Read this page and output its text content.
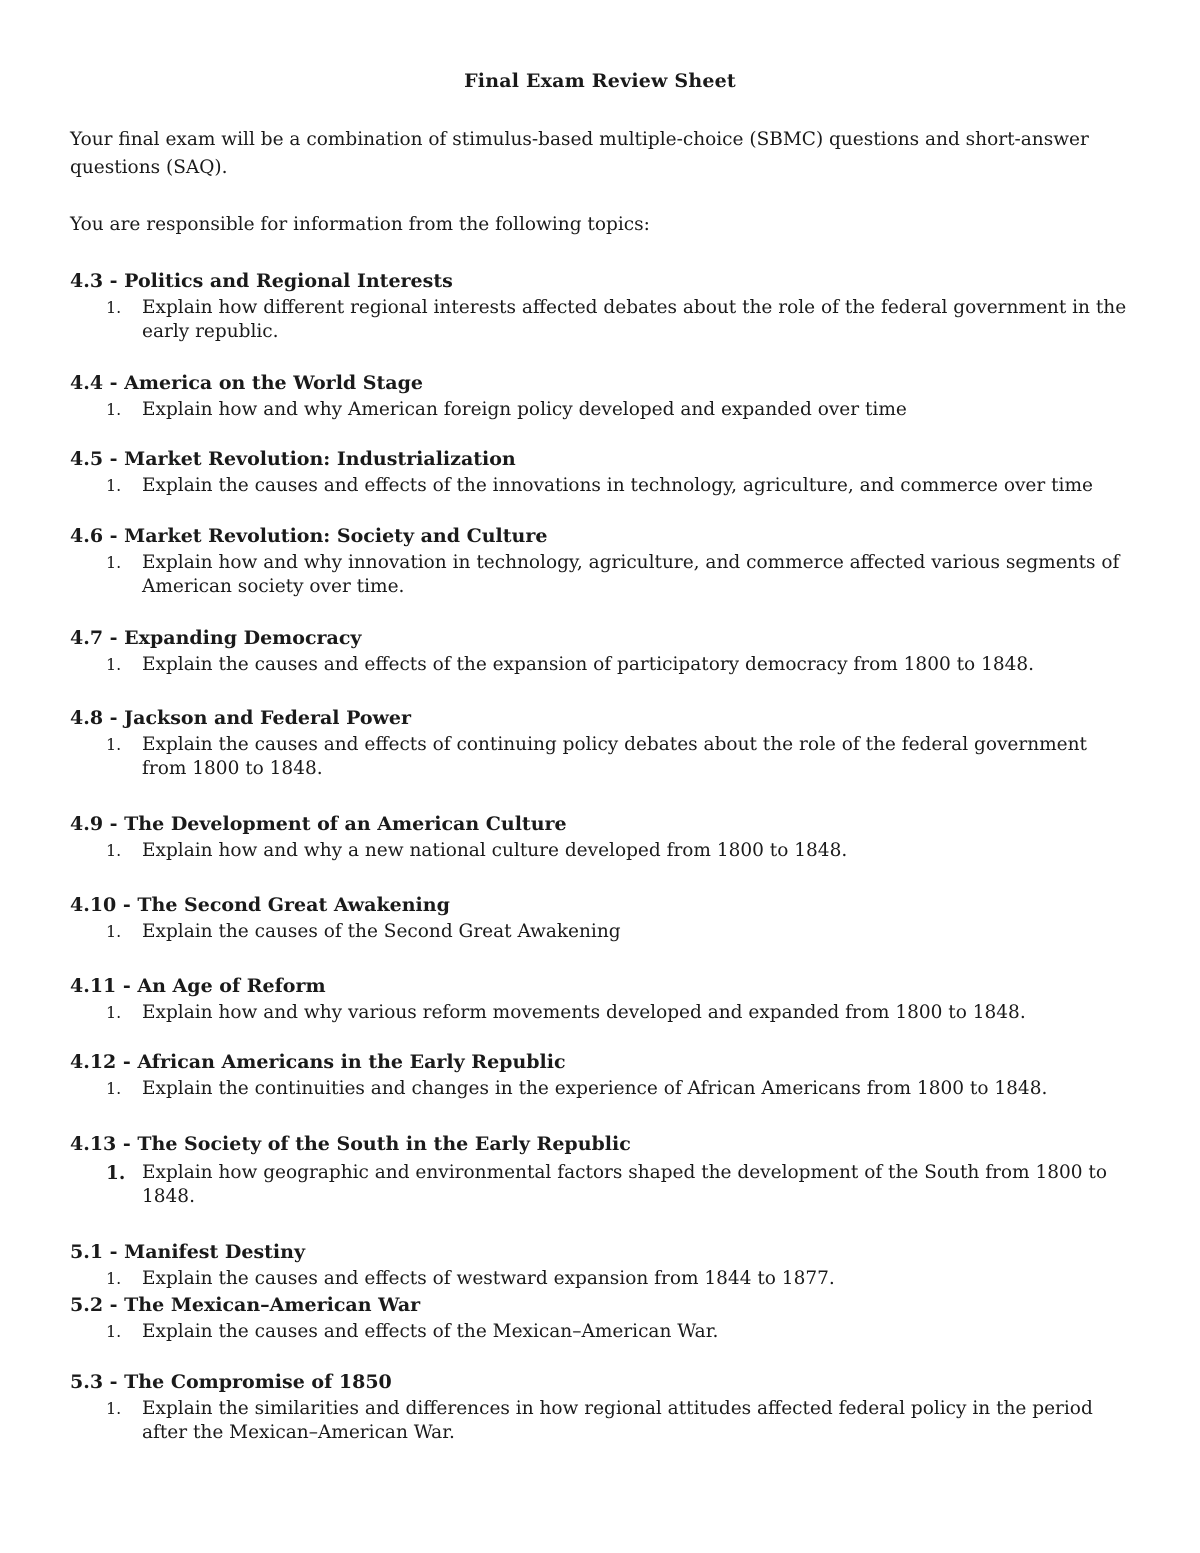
Final Exam Review Sheet

Your final exam will be a combination of stimulus-based multiple-choice (SBMC) questions and short-answer questions (SAQ).

You are responsible for information from the following topics:

4.3 - Politics and Regional Interests
1. Explain how different regional interests affected debates about the role of the federal government in the early republic.
4.4 - America on the World Stage
1. Explain how and why American foreign policy developed and expanded over time
4.5 - Market Revolution: Industrialization
1. Explain the causes and effects of the innovations in technology, agriculture, and commerce over time
4.6 - Market Revolution: Society and Culture
1. Explain how and why innovation in technology, agriculture, and commerce affected various segments of American society over time.
4.7 - Expanding Democracy
1. Explain the causes and effects of the expansion of participatory democracy from 1800 to 1848.
4.8 - Jackson and Federal Power
1. Explain the causes and effects of continuing policy debates about the role of the federal government from 1800 to 1848.
4.9 - The Development of an American Culture
1. Explain how and why a new national culture developed from 1800 to 1848.
4.10 - The Second Great Awakening
1. Explain the causes of the Second Great Awakening
4.11 - An Age of Reform
1. Explain how and why various reform movements developed and expanded from 1800 to 1848.
4.12 - African Americans in the Early Republic
1. Explain the continuities and changes in the experience of African Americans from 1800 to 1848.
4.13 - The Society of the South in the Early Republic
1. Explain how geographic and environmental factors shaped the development of the South from 1800 to 1848.
5.1 - Manifest Destiny
1. Explain the causes and effects of westward expansion from 1844 to 1877.
5.2 - The Mexican–American War
1. Explain the causes and effects of the Mexican–American War.
5.3 - The Compromise of 1850
1. Explain the similarities and differences in how regional attitudes affected federal policy in the period after the Mexican–American War.
